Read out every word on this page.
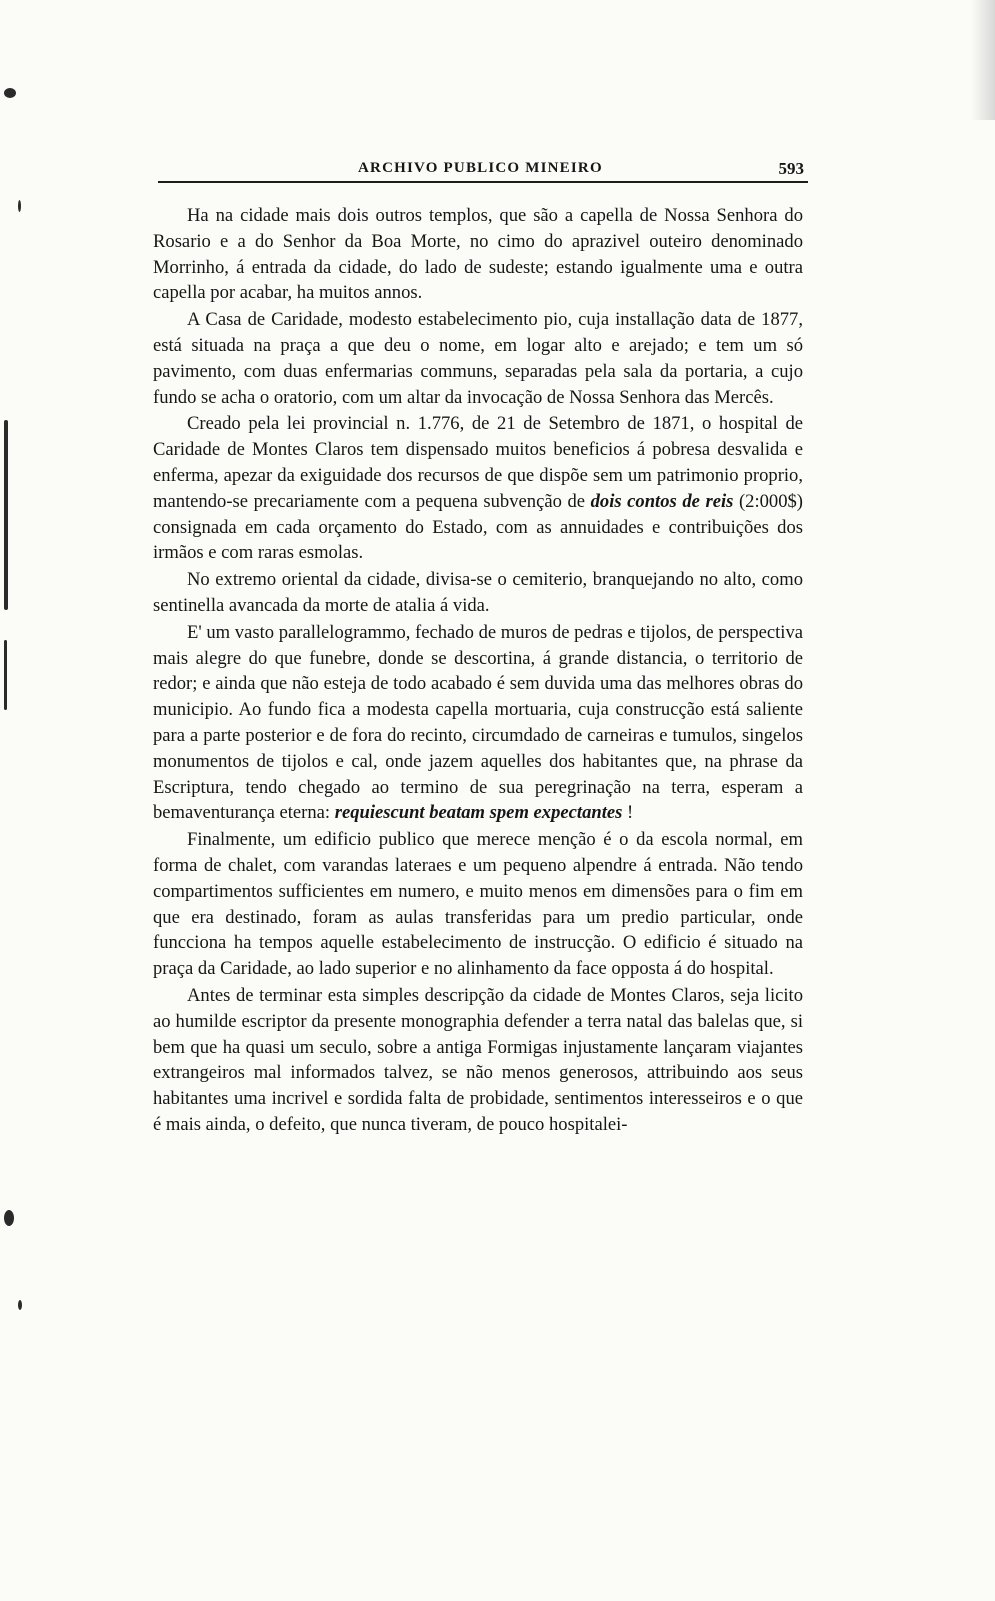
ARCHIVO PUBLICO MINEIRO	593

Ha na cidade mais dois outros templos, que são a capella de Nossa Senhora do Rosario e a do Senhor da Boa Morte, no cimo do aprazivel outeiro denominado Morrinho, á entrada da cidade, do lado de sudeste; estando igualmente uma e outra capella por acabar, ha muitos annos.

A Casa de Caridade, modesto estabelecimento pio, cuja installação data de 1877, está situada na praça a que deu o nome, em logar alto e arejado; e tem um só pavimento, com duas enfermarias communs, separadas pela sala da portaria, a cujo fundo se acha o oratorio, com um altar da invocação de Nossa Senhora das Mercês.

Creado pela lei provincial n. 1.776, de 21 de Setembro de 1871, o hospital de Caridade de Montes Claros tem dispensado muitos beneficios á pobresa desvalida e enferma, apezar da exiguidade dos recursos de que dispõe sem um patrimonio proprio, mantendo-se precariamente com a pequena subvenção de dois contos de reis (2:000$) consignada em cada orçamento do Estado, com as annuidades e contribuições dos irmãos e com raras esmolas.

No extremo oriental da cidade, divisa-se o cemiterio, branquejando no alto, como sentinella avancada da morte de atalia á vida.

E' um vasto parallelogrammo, fechado de muros de pedras e tijolos, de perspectiva mais alegre do que funebre, donde se descortina, á grande distancia, o territorio de redor; e ainda que não esteja de todo acabado é sem duvida uma das melhores obras do municipio. Ao fundo fica a modesta capella mortuaria, cuja construcção está saliente para a parte posterior e de fora do recinto, circumdado de carneiras e tumulos, singelos monumentos de tijolos e cal, onde jazem aquelles dos habitantes que, na phrase da Escriptura, tendo chegado ao termino de sua peregrinação na terra, esperam a bemaventurança eterna: requiescunt beatam spem expectantes !

Finalmente, um edificio publico que merece menção é o da escola normal, em forma de chalet, com varandas lateraes e um pequeno alpendre á entrada. Não tendo compartimentos sufficientes em numero, e muito menos em dimensões para o fim em que era destinado, foram as aulas transferidas para um predio particular, onde funcciona ha tempos aquelle estabelecimento de instrucção. O edificio é situado na praça da Caridade, ao lado superior e no alinhamento da face opposta á do hospital.

Antes de terminar esta simples descripção da cidade de Montes Claros, seja licito ao humilde escriptor da presente monographia defender a terra natal das balelas que, si bem que ha quasi um seculo, sobre a antiga Formigas injustamente lançaram viajantes extrangeiros mal informados talvez, se não menos generosos, attribuindo aos seus habitantes uma incrivel e sordida falta de probidade, sentimentos interesseiros e o que é mais ainda, o defeito, que nunca tiveram, de pouco hospitalei-
